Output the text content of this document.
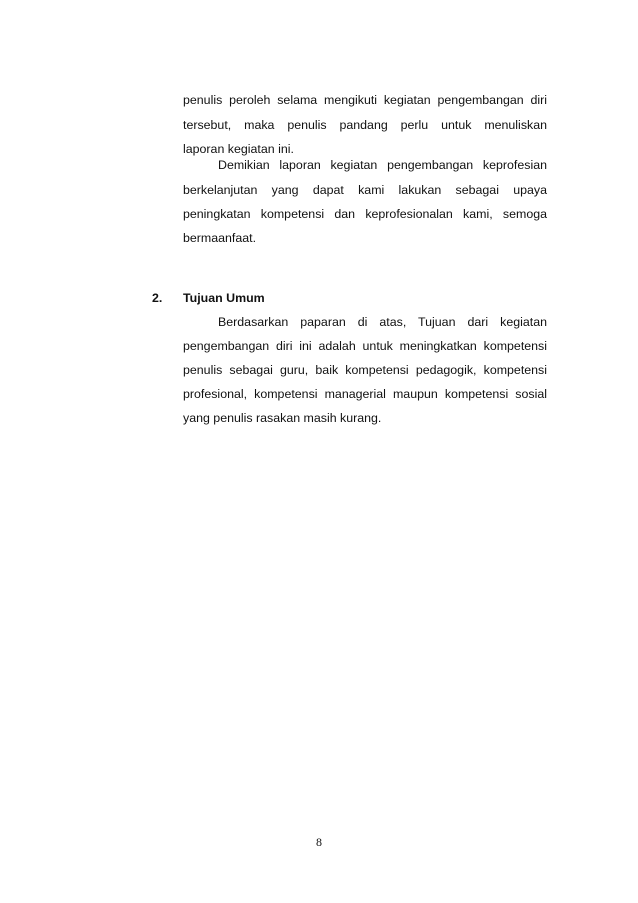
penulis peroleh selama mengikuti kegiatan pengembangan diri
tersebut, maka penulis pandang perlu untuk menuliskan
laporan kegiatan ini.
Demikian laporan kegiatan pengembangan keprofesian
berkelanjutan yang dapat kami lakukan sebagai upaya
peningkatan kompetensi dan keprofesionalan kami, semoga
bermaanfaat.
2. Tujuan Umum
Berdasarkan paparan di atas, Tujuan dari kegiatan
pengembangan diri ini adalah untuk meningkatkan kompetensi
penulis sebagai guru, baik kompetensi pedagogik, kompetensi
profesional, kompetensi managerial maupun kompetensi sosial
yang penulis rasakan masih kurang.
8
